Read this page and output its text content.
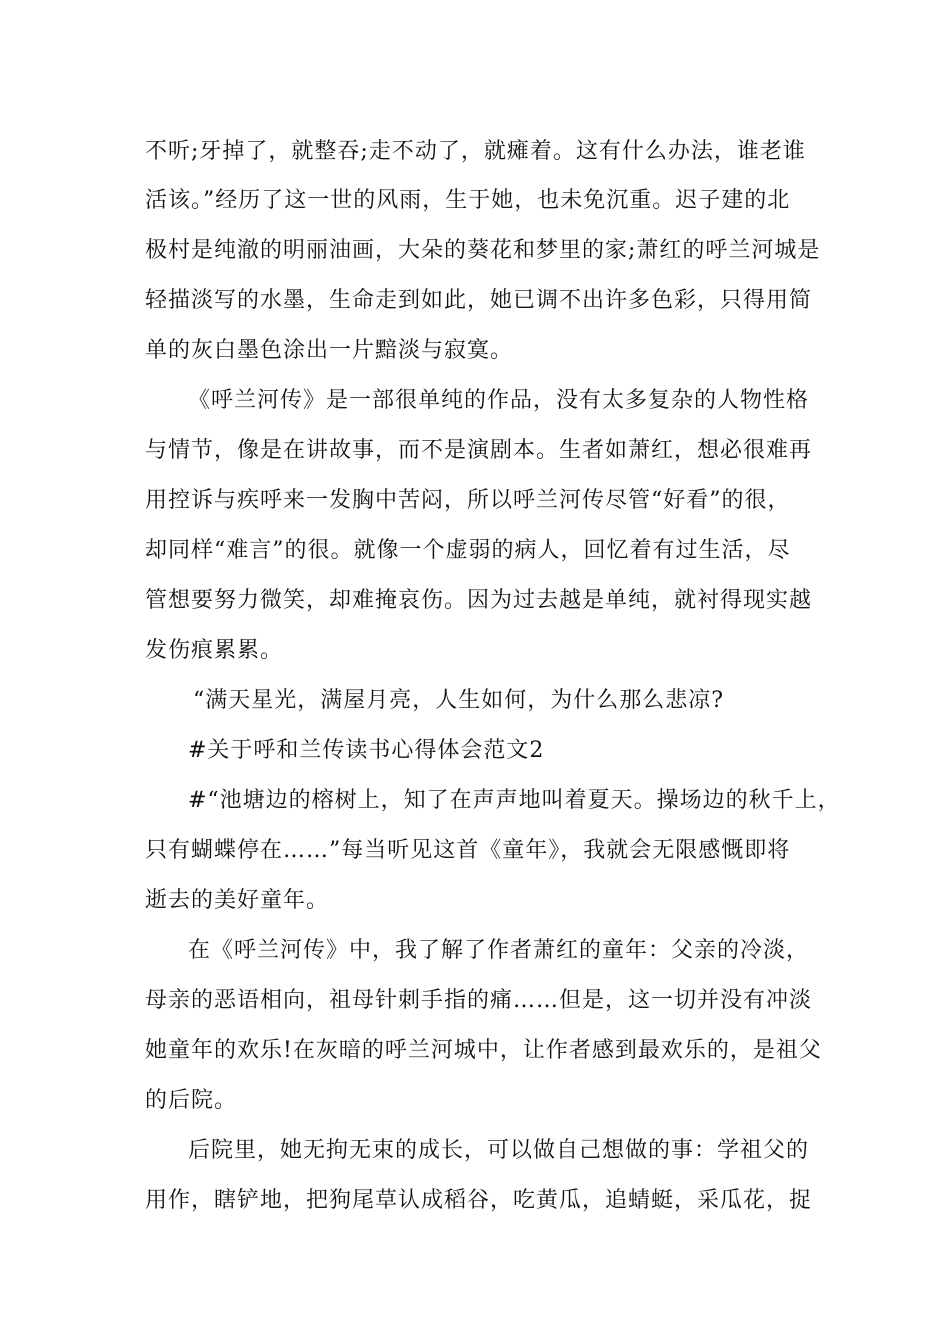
不听;牙掉了，就整吞;走不动了，就瘫着。这有什么办法，谁老谁
活该。”经历了这一世的风雨，生于她，也未免沉重。迟子建的北
极村是纯澈的明丽油画，大朵的葵花和梦里的家;萧红的呼兰河城是
轻描淡写的水墨，生命走到如此，她已调不出许多色彩，只得用简
单的灰白墨色涂出一片黯淡与寂寞。
《呼兰河传》是一部很单纯的作品，没有太多复杂的人物性格
与情节，像是在讲故事，而不是演剧本。生者如萧红，想必很难再
用控诉与疾呼来一发胸中苦闷，所以呼兰河传尽管“好看”的很，
却同样“难言”的很。就像一个虚弱的病人，回忆着有过生活，尽
管想要努力微笑，却难掩哀伤。因为过去越是单纯，就衬得现实越
发伤痕累累。
“满天星光，满屋月亮，人生如何，为什么那么悲凉?
#关于呼和兰传读书心得体会范文2
#“池塘边的榕树上，知了在声声地叫着夏天。操场边的秋千上，
只有蝴蝶停在……”每当听见这首《童年》，我就会无限感慨即将
逝去的美好童年。
在《呼兰河传》中，我了解了作者萧红的童年：父亲的冷淡，
母亲的恶语相向，祖母针刺手指的痛……但是，这一切并没有冲淡
她童年的欢乐!在灰暗的呼兰河城中，让作者感到最欢乐的，是祖父
的后院。
后院里，她无拘无束的成长，可以做自己想做的事：学祖父的
用作，瞎铲地，把狗尾草认成稻谷，吃黄瓜，追蜻蜓，采瓜花，捉
